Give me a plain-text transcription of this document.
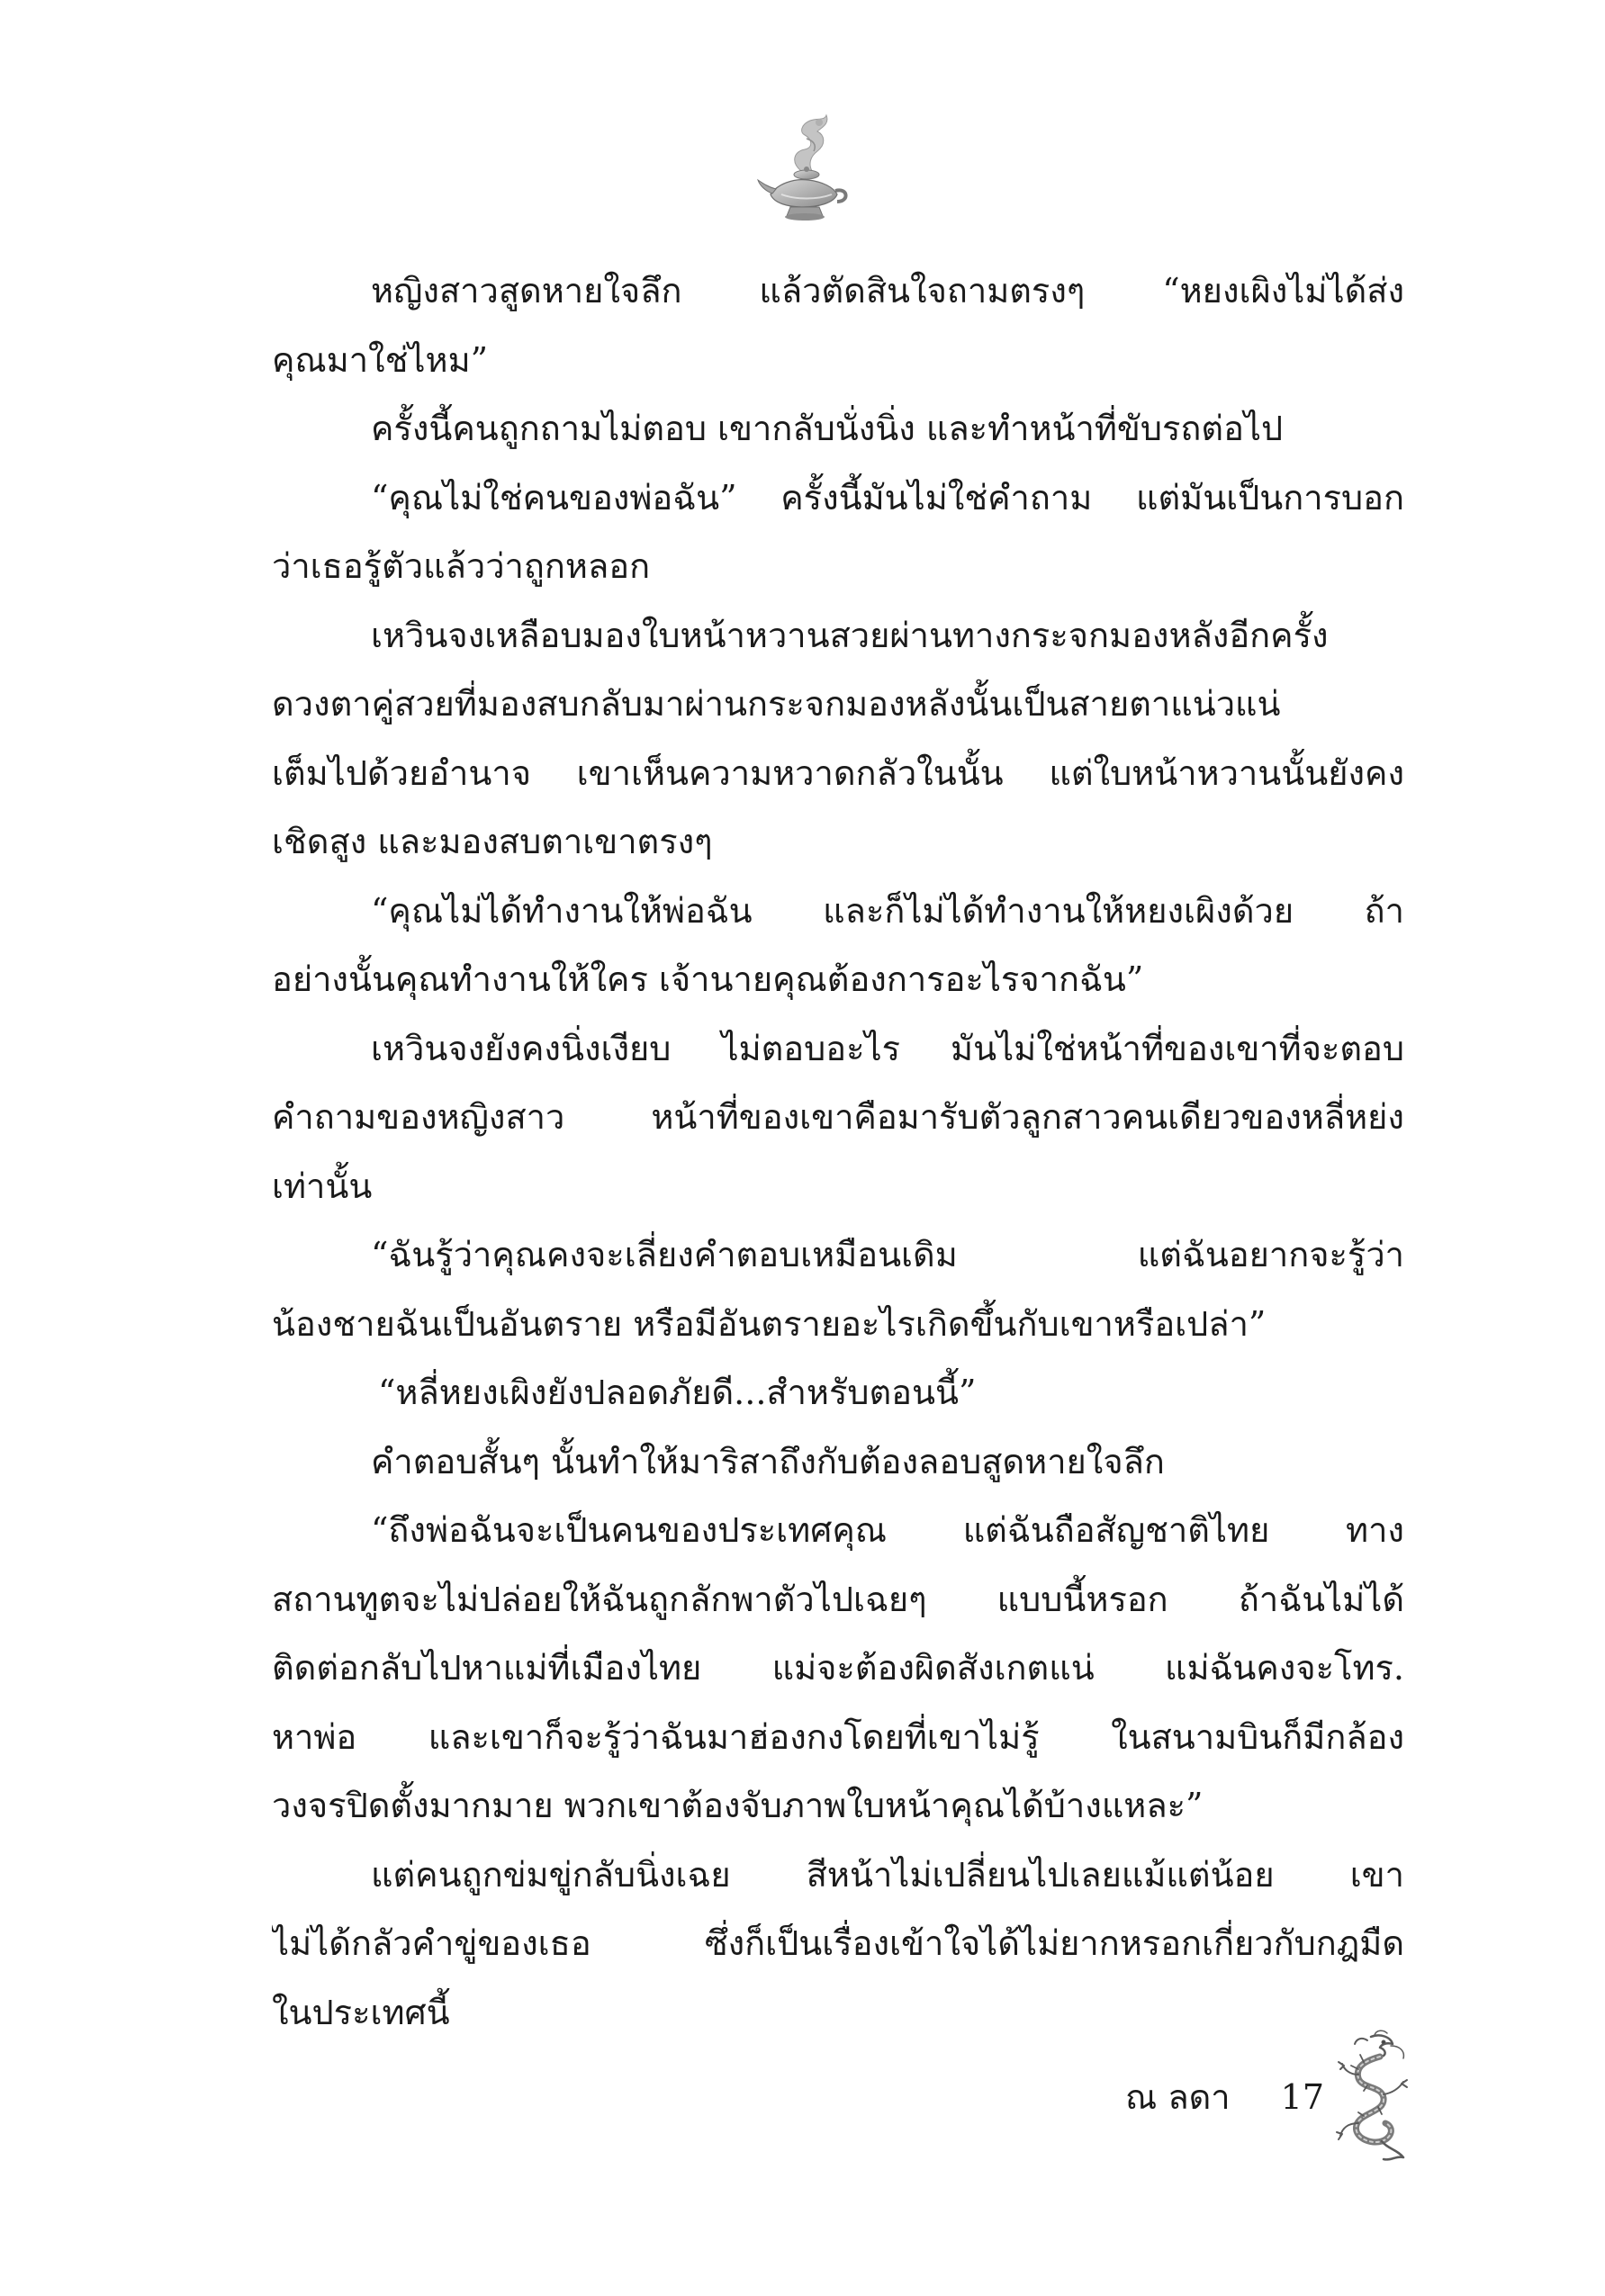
หญิงสาวสูดหายใจลึก แล้วตัดสินใจถามตรงๆ “หยงเผิงไม่ได้ส่ง
คุณมาใช่ไหม”
ครั้งนี้คนถูกถามไม่ตอบ เขากลับนั่งนิ่ง และทำหน้าที่ขับรถต่อไป
“คุณไม่ใช่คนของพ่อฉัน” ครั้งนี้มันไม่ใช่คำถาม แต่มันเป็นการบอก
ว่าเธอรู้ตัวแล้วว่าถูกหลอก
เหวินจงเหลือบมองใบหน้าหวานสวยผ่านทางกระจกมองหลังอีกครั้ง
ดวงตาคู่สวยที่มองสบกลับมาผ่านกระจกมองหลังนั้นเป็นสายตาแน่วแน่
เต็มไปด้วยอำนาจ เขาเห็นความหวาดกลัวในนั้น แต่ใบหน้าหวานนั้นยังคง
เชิดสูง และมองสบตาเขาตรงๆ
“คุณไม่ได้ทำงานให้พ่อฉัน และก็ไม่ได้ทำงานให้หยงเผิงด้วย ถ้า
อย่างนั้นคุณทำงานให้ใคร เจ้านายคุณต้องการอะไรจากฉัน”
เหวินจงยังคงนิ่งเงียบ ไม่ตอบอะไร มันไม่ใช่หน้าที่ของเขาที่จะตอบ
คำถามของหญิงสาว หน้าที่ของเขาคือมารับตัวลูกสาวคนเดียวของหลี่หย่ง
เท่านั้น
“ฉันรู้ว่าคุณคงจะเลี่ยงคำตอบเหมือนเดิม แต่ฉันอยากจะรู้ว่า
น้องชายฉันเป็นอันตราย หรือมีอันตรายอะไรเกิดขึ้นกับเขาหรือเปล่า”
“หลี่หยงเผิงยังปลอดภัยดี...สำหรับตอนนี้”
คำตอบสั้นๆ นั้นทำให้มาริสาถึงกับต้องลอบสูดหายใจลึก
“ถึงพ่อฉันจะเป็นคนของประเทศคุณ แต่ฉันถือสัญชาติไทย ทาง
สถานทูตจะไม่ปล่อยให้ฉันถูกลักพาตัวไปเฉยๆ แบบนี้หรอก ถ้าฉันไม่ได้
ติดต่อกลับไปหาแม่ที่เมืองไทย แม่จะต้องผิดสังเกตแน่ แม่ฉันคงจะโทร.
หาพ่อ และเขาก็จะรู้ว่าฉันมาฮ่องกงโดยที่เขาไม่รู้ ในสนามบินก็มีกล้อง
วงจรปิดตั้งมากมาย พวกเขาต้องจับภาพใบหน้าคุณได้บ้างแหละ”
แต่คนถูกข่มขู่กลับนิ่งเฉย สีหน้าไม่เปลี่ยนไปเลยแม้แต่น้อย เขา
ไม่ได้กลัวคำขู่ของเธอ ซึ่งก็เป็นเรื่องเข้าใจได้ไม่ยากหรอกเกี่ยวกับกฎมืด
ในประเทศนี้
ณ ลดา 17
